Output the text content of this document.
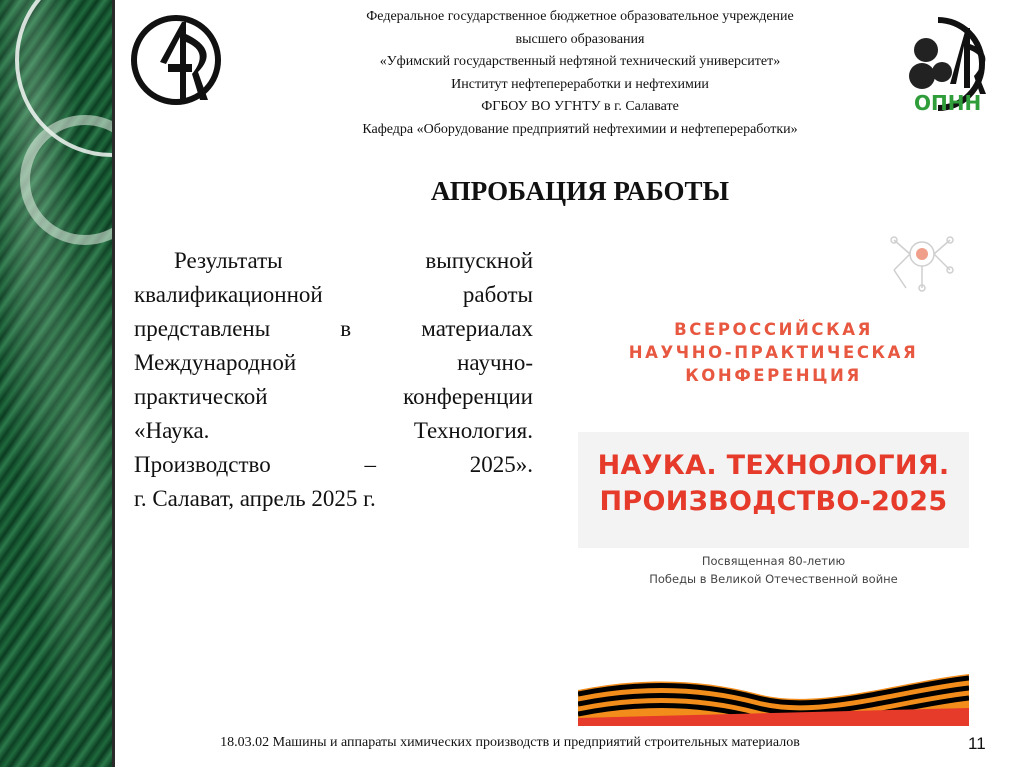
Федеральное государственное бюджетное образовательное учреждение
высшего образования
«Уфимский государственный нефтяной технический университет»
Институт нефтепереработки и нефтехимии
ФГБОУ ВО УГНТУ в г. Салавате
Кафедра «Оборудование предприятий нефтехимии и нефтепереработки»
ОПНН
АПРОБАЦИЯ РАБОТЫ
Результаты выпускной
квалификационной работы
представлены в материалах
Международной научно-
практической конференции
«Наука. Технология.
Производство – 2025».
г. Салават, апрель 2025 г.
ВСЕРОССИЙСКАЯ
НАУЧНО-ПРАКТИЧЕСКАЯ
КОНФЕРЕНЦИЯ
НАУКА. ТЕХНОЛОГИЯ.
ПРОИЗВОДСТВО-2025
Посвященная 80-летию
Победы в Великой Отечественной войне
18.03.02 Машины и аппараты химических производств и предприятий строительных материалов	11
